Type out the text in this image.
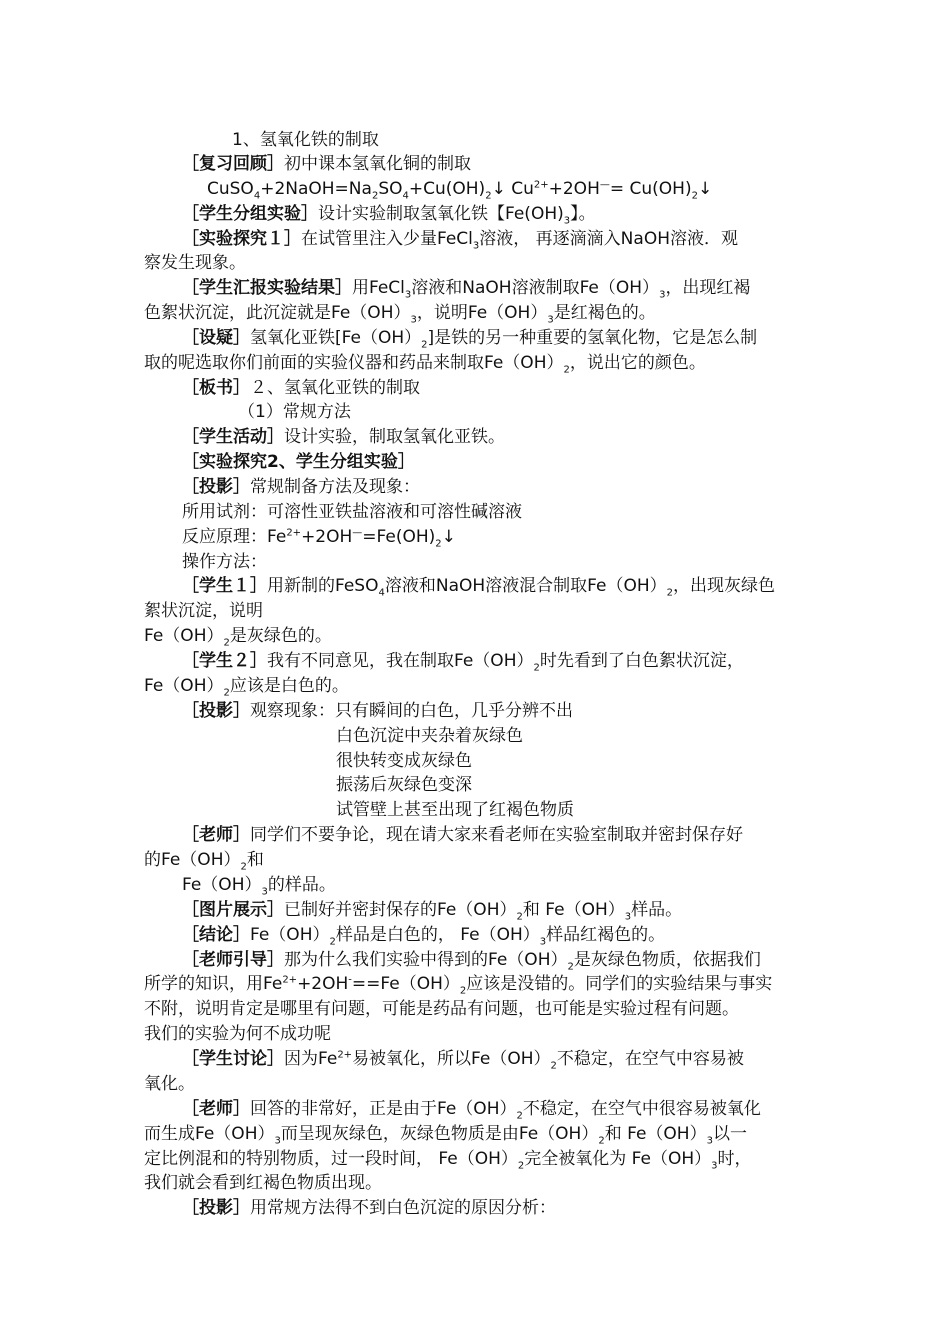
1、氢氧化铁的制取
［复习回顾］初中课本氢氧化铜的制取
$CuSO_4+2NaOH=Na_2SO_4+Cu(OH)_2↓$ $Cu^{2+}+2OH^—=$ $Cu(OH)_2↓$
［学生分组实验］设计实验制取氢氧化铁【$Fe(OH)_3$】。
［实验探究１］在试管里注入少量FeCl$_3$溶液， 再逐滴滴入NaOH溶液．观
察发生现象。
［学生汇报实验结果］用FeCl$_3$溶液和NaOH溶液制取$Fe(OH)_3$，出现红褐
色絮状沉淀，此沉淀就是$Fe(OH)_3$，说明$Fe(OH)_3$是红褐色的。
［设疑］氢氧化亚铁$[Fe(OH)_2]$是铁的另一种重要的氢氧化物，它是怎么制
取的呢选取你们前面的实验仪器和药品来制取$Fe(OH)_2$，说出它的颜色。
［板书］２、氢氧化亚铁的制取
（1）常规方法
［学生活动］设计实验，制取氢氧化亚铁。
［实验探究2、学生分组实验］
［投影］常规制备方法及现象：
所用试剂：可溶性亚铁盐溶液和可溶性碱溶液
反应原理：$Fe^{2+}+2OH^—=Fe(OH)_2↓$
操作方法：
［学生１］用新制的FeSO$_4$溶液和NaOH溶液混合制取$Fe(OH)_2$，出现灰绿色
絮状沉淀，说明
$Fe(OH)_2$是灰绿色的。
［学生２］我有不同意见，我在制取$Fe(OH)_2$时先看到了白色絮状沉淀，
$Fe(OH)_2$应该是白色的。
［投影］观察现象：只有瞬间的白色，几乎分辨不出
白色沉淀中夹杂着灰绿色
很快转变成灰绿色
振荡后灰绿色变深
试管壁上甚至出现了红褐色物质
［老师］同学们不要争论，现在请大家来看老师在实验室制取并密封保存好
的$Fe(OH)_2$和
$Fe(OH)_3$的样品。
［图片展示］已制好并密封保存的$Fe(OH)_2$和 $Fe(OH)_3$样品。
［结论$]Fe(OH)_2$样品是白色的， $Fe(OH)_3$样品红褐色的。
［老师引导］那为什么我们实验中得到的$Fe(OH)_2$是灰绿色物质，依据我们
所学的知识，用$Fe^{2+}+2OH^-==Fe(OH)_2$应该是没错的。同学们的实验结果与事实
不附，说明肯定是哪里有问题，可能是药品有问题，也可能是实验过程有问题。
我们的实验为何不成功呢
［学生讨论］因为$Fe^{2+}$易被氧化，所以$Fe(OH)_2$不稳定，在空气中容易被
氧化。
［老师］回答的非常好，正是由于$Fe(OH)_2$不稳定，在空气中很容易被氧化
而生成$Fe(OH)_3$而呈现灰绿色，灰绿色物质是由$Fe(OH)_2$和 $Fe(OH)_3$以一
定比例混和的特别物质，过一段时间， $Fe(OH)_2$完全被氧化为 $Fe(OH)_3$时，
我们就会看到红褐色物质出现。
［投影］用常规方法得不到白色沉淀的原因分析：
